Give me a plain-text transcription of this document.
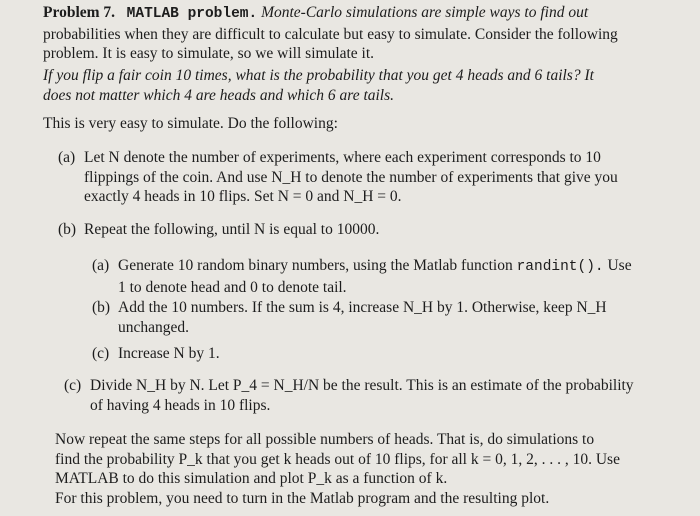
Problem 7. MATLAB problem. Monte-Carlo simulations are simple ways to find out
probabilities when they are difficult to calculate but easy to simulate. Consider the following
problem. It is easy to simulate, so we will simulate it.
If you flip a fair coin 10 times, what is the probability that you get 4 heads and 6 tails? It
does not matter which 4 are heads and which 6 are tails.
This is very easy to simulate. Do the following:
(a) Let N denote the number of experiments, where each experiment corresponds to 10
flippings of the coin. And use N_H to denote the number of experiments that give you
exactly 4 heads in 10 flips. Set N = 0 and N_H = 0.
(b) Repeat the following, until N is equal to 10000.
(a) Generate 10 random binary numbers, using the Matlab function randint(). Use
1 to denote head and 0 to denote tail.
(b) Add the 10 numbers. If the sum is 4, increase N_H by 1. Otherwise, keep N_H
unchanged.
(c) Increase N by 1.
(c) Divide N_H by N. Let P_4 = N_H/N be the result. This is an estimate of the probability
of having 4 heads in 10 flips.
Now repeat the same steps for all possible numbers of heads. That is, do simulations to
find the probability P_k that you get k heads out of 10 flips, for all k = 0, 1, 2, . . . , 10. Use
MATLAB to do this simulation and plot P_k as a function of k.
For this problem, you need to turn in the Matlab program and the resulting plot.
